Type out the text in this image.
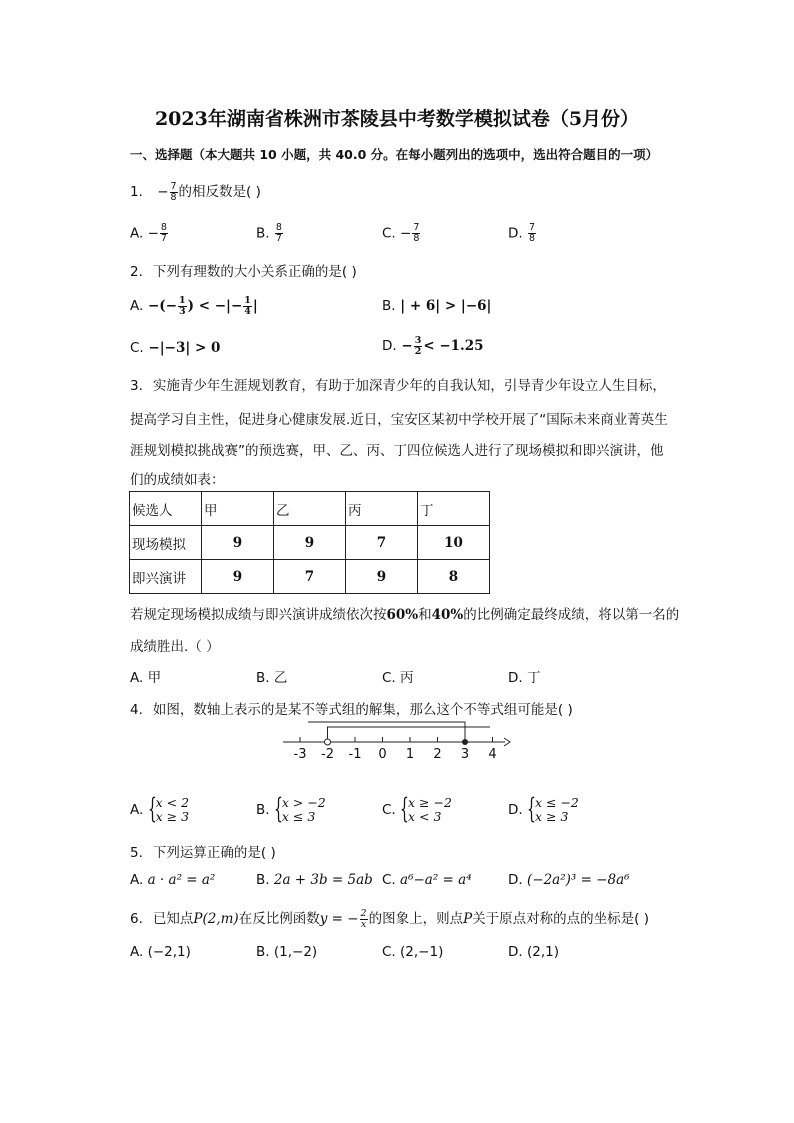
2023年湖南省株洲市茶陵县中考数学模拟试卷（5月份）
一、选择题（本大题共 10 小题，共 40.0 分。在每小题列出的选项中，选出符合题目的一项）
1. − $\frac{7}{8}$ 的相反数是( )
A. − $\frac{8}{7}$	B. $\frac{8}{7}$	C. − $\frac{7}{8}$	D. $\frac{7}{8}$
2. 下列有理数的大小关系正确的是( )
A. −(− $\frac{1}{3}$ ) < −|− $\frac{1}{4}$ |	B. | + 6| > |−6|
C. −|−3| > 0	D. − $\frac{3}{2} < -1.25$
3. 实施青少年生涯规划教育，有助于加深青少年的自我认知，引导青少年设立人生目标，
提高学习自主性，促进身心健康发展.近日，宝安区某初中学校开展了“国际未来商业菁英生
涯规划模拟挑战赛”的预选赛，甲、乙、丙、丁四位候选人进行了现场模拟和即兴演讲，他
们的成绩如表：
候选人	甲	乙	丙	丁
现场模拟	9	9	7	10
即兴演讲	9	7	9	8
若规定现场模拟成绩与即兴演讲成绩依次按60%和40%的比例确定最终成绩，将以第一名的
成绩胜出.（ ）
A. 甲	B. 乙	C. 丙	D. 丁
4. 如图，数轴上表示的是某不等式组的解集，那么这个不等式组可能是( )
-3 -2 -1 0 1 2 3 4
A. { x < 2
x ≥ 3	B. { x > −2
x ≤ 3	C. { x ≥ −2
x < 3	D. { x ≤ −2
x ≥ 3
5. 下列运算正确的是( )
A. a · a² = a²	B. 2a + 3b = 5ab C. a⁶−a² = a⁴	D. (−2a²)³ = −8a⁶
6. 已知点P(2,m)在反比例函数y = − $\frac{2}{x}$ 的图象上，则点P关于原点对称的点的坐标是( )
A. (−2,1)	B. (1,−2)	C. (2,−1)	D. (2,1)
